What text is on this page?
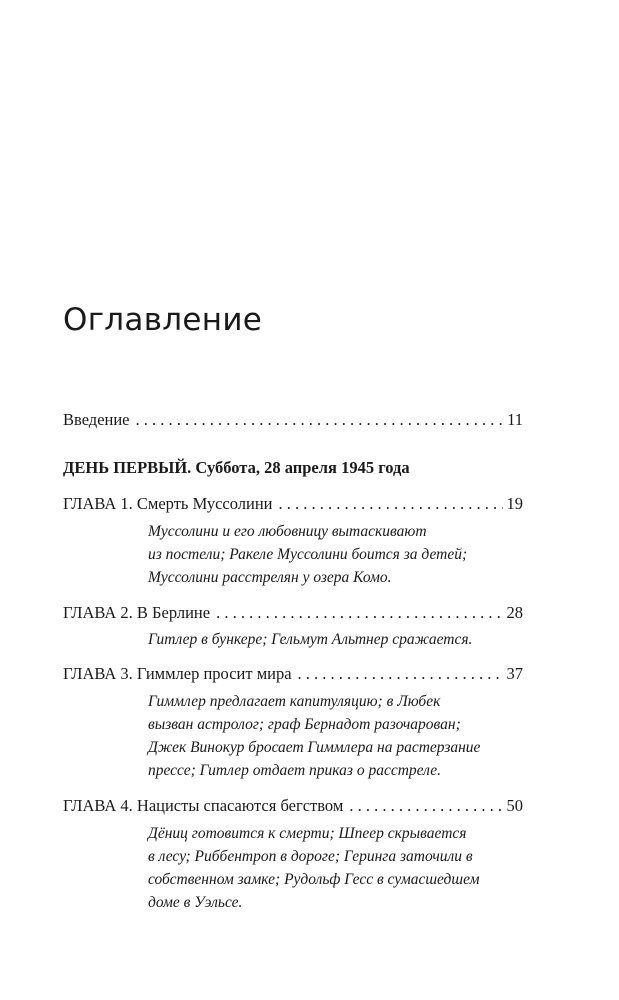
Оглавление
Введение . . .	11
ДЕНЬ ПЕРВЫЙ. Суббота, 28 апреля 1945 года
ГЛАВА 1. Смерть Муссолини . . .	19

Муссолини и его любовницу вытаскивают
из постели; Ракеле Муссолини боится за детей;
Муссолини расстрелян у озера Комо.

ГЛАВА 2. В Берлине . . .	28

Гитлер в бункере; Гельмут Альтнер сражается.

ГЛАВА 3. Гиммлер просит мира . . .	37

Гиммлер предлагает капитуляцию; в Любек
вызван астролог; граф Бернадот разочарован;
Джек Винокур бросает Гиммлера на растерзание
прессе; Гитлер отдает приказ о расстреле.

ГЛАВА 4. Нацисты спасаются бегством . . .	50

Дёниц готовится к смерти; Шпеер скрывается
в лесу; Риббентроп в дороге; Геринга заточили в
собственном замке; Рудольф Гесс в сумасшедшем
доме в Уэльсе.
